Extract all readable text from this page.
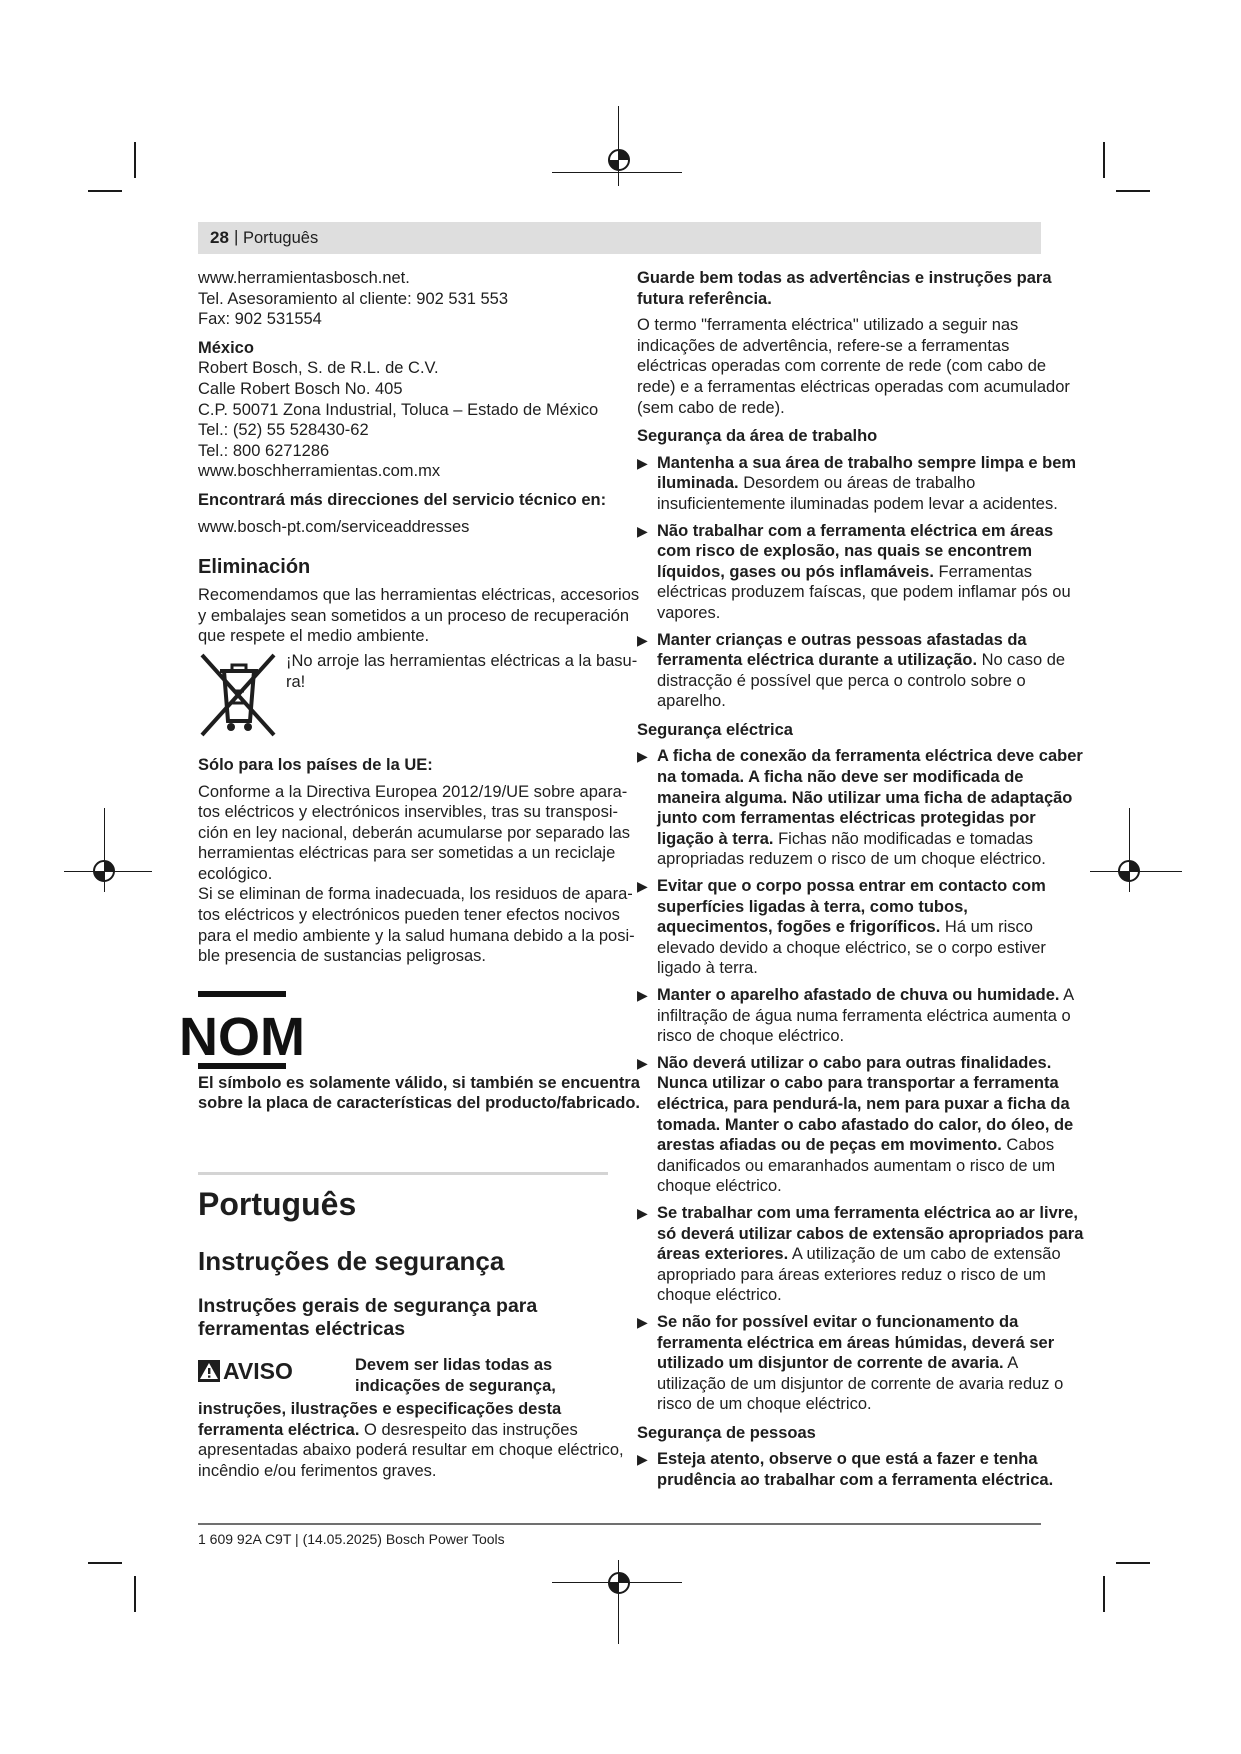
28 | Português
www.herramientasbosch.net.
Tel. Asesoramiento al cliente: 902 531 553
Fax: 902 531554
México
Robert Bosch, S. de R.L. de C.V.
Calle Robert Bosch No. 405
C.P. 50071 Zona Industrial, Toluca – Estado de México
Tel.: (52) 55 528430-62
Tel.: 800 6271286
www.boschherramientas.com.mx
Encontrará más direcciones del servicio técnico en:
www.bosch-pt.com/serviceaddresses
Eliminación
Recomendamos que las herramientas eléctricas, accesorios
y embalajes sean sometidos a un proceso de recuperación
que respete el medio ambiente.
¡No arroje las herramientas eléctricas a la basu-
ra!
Sólo para los países de la UE:
Conforme a la Directiva Europea 2012/19/UE sobre apara-
tos eléctricos y electrónicos inservibles, tras su transposi-
ción en ley nacional, deberán acumularse por separado las
herramientas eléctricas para ser sometidas a un reciclaje
ecológico.
Si se eliminan de forma inadecuada, los residuos de apara-
tos eléctricos y electrónicos pueden tener efectos nocivos
para el medio ambiente y la salud humana debido a la posi-
ble presencia de sustancias peligrosas.
NOM
El símbolo es solamente válido, si también se encuentra
sobre la placa de características del producto/fabricado.
Português
Instruções de segurança
Instruções gerais de segurança para
ferramentas eléctricas
AVISO	Devem ser lidas todas as
indicações de segurança,
instruções, ilustrações e especificações desta
ferramenta eléctrica. O desrespeito das instruções
apresentadas abaixo poderá resultar em choque eléctrico,
incêndio e/ou ferimentos graves.
Guarde bem todas as advertências e instruções para
futura referência.
O termo "ferramenta eléctrica" utilizado a seguir nas
indicações de advertência, refere-se a ferramentas
eléctricas operadas com corrente de rede (com cabo de
rede) e a ferramentas eléctricas operadas com acumulador
(sem cabo de rede).
Segurança da área de trabalho
▶ Mantenha a sua área de trabalho sempre limpa e bem
iluminada. Desordem ou áreas de trabalho
insuficientemente iluminadas podem levar a acidentes.
▶ Não trabalhar com a ferramenta eléctrica em áreas
com risco de explosão, nas quais se encontrem
líquidos, gases ou pós inflamáveis. Ferramentas
eléctricas produzem faíscas, que podem inflamar pós ou
vapores.
▶ Manter crianças e outras pessoas afastadas da
ferramenta eléctrica durante a utilização. No caso de
distracção é possível que perca o controlo sobre o
aparelho.
Segurança eléctrica
▶ A ficha de conexão da ferramenta eléctrica deve caber
na tomada. A ficha não deve ser modificada de
maneira alguma. Não utilizar uma ficha de adaptação
junto com ferramentas eléctricas protegidas por
ligação à terra. Fichas não modificadas e tomadas
apropriadas reduzem o risco de um choque eléctrico.
▶ Evitar que o corpo possa entrar em contacto com
superfícies ligadas à terra, como tubos,
aquecimentos, fogões e frigoríficos. Há um risco
elevado devido a choque eléctrico, se o corpo estiver
ligado à terra.
▶ Manter o aparelho afastado de chuva ou humidade. A
infiltração de água numa ferramenta eléctrica aumenta o
risco de choque eléctrico.
▶ Não deverá utilizar o cabo para outras finalidades.
Nunca utilizar o cabo para transportar a ferramenta
eléctrica, para pendurá-la, nem para puxar a ficha da
tomada. Manter o cabo afastado do calor, do óleo, de
arestas afiadas ou de peças em movimento. Cabos
danificados ou emaranhados aumentam o risco de um
choque eléctrico.
▶ Se trabalhar com uma ferramenta eléctrica ao ar livre,
só deverá utilizar cabos de extensão apropriados para
áreas exteriores. A utilização de um cabo de extensão
apropriado para áreas exteriores reduz o risco de um
choque eléctrico.
▶ Se não for possível evitar o funcionamento da
ferramenta eléctrica em áreas húmidas, deverá ser
utilizado um disjuntor de corrente de avaria. A
utilização de um disjuntor de corrente de avaria reduz o
risco de um choque eléctrico.
Segurança de pessoas
▶ Esteja atento, observe o que está a fazer e tenha
prudência ao trabalhar com a ferramenta eléctrica.
1 609 92A C9T | (14.05.2025) Bosch Power Tools
